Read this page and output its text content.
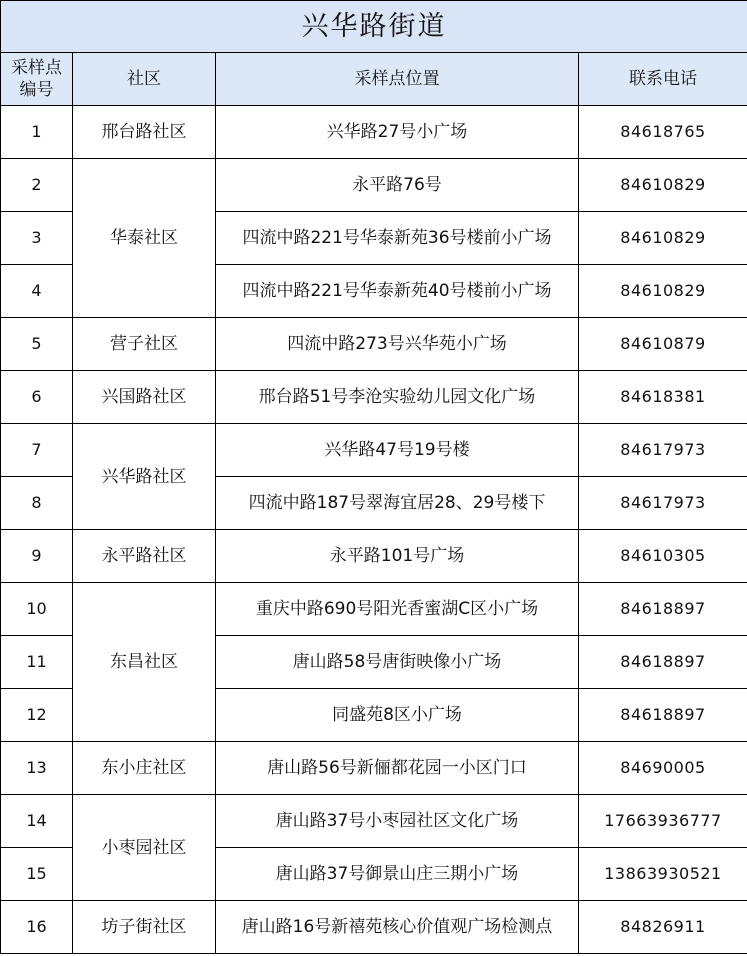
兴华路街道			
采样点编号	社区	采样点位置	联系电话
1	邢台路社区	兴华路27号小广场	84618765
2	华泰社区	永平路76号	84610829
3		四流中路221号华泰新苑36号楼前小广场	84610829
4		四流中路221号华泰新苑40号楼前小广场	84610829
5	营子社区	四流中路273号兴华苑小广场	84610879
6	兴国路社区	邢台路51号李沧实验幼儿园文化广场	84618381
7	兴华路社区	兴华路47号19号楼	84617973
8		四流中路187号翠海宜居28、29号楼下	84617973
9	永平路社区	永平路101号广场	84610305
10	东昌社区	重庆中路690号阳光香蜜湖C区小广场	84618897
11		唐山路58号唐街映像小广场	84618897
12		同盛苑8区小广场	84618897
13	东小庄社区	唐山路56号新俪都花园一小区门口	84690005
14	小枣园社区	唐山路37号小枣园社区文化广场	17663936777
15		唐山路37号御景山庄三期小广场	13863930521
16	坊子街社区	唐山路16号新禧苑核心价值观广场检测点	84826911
